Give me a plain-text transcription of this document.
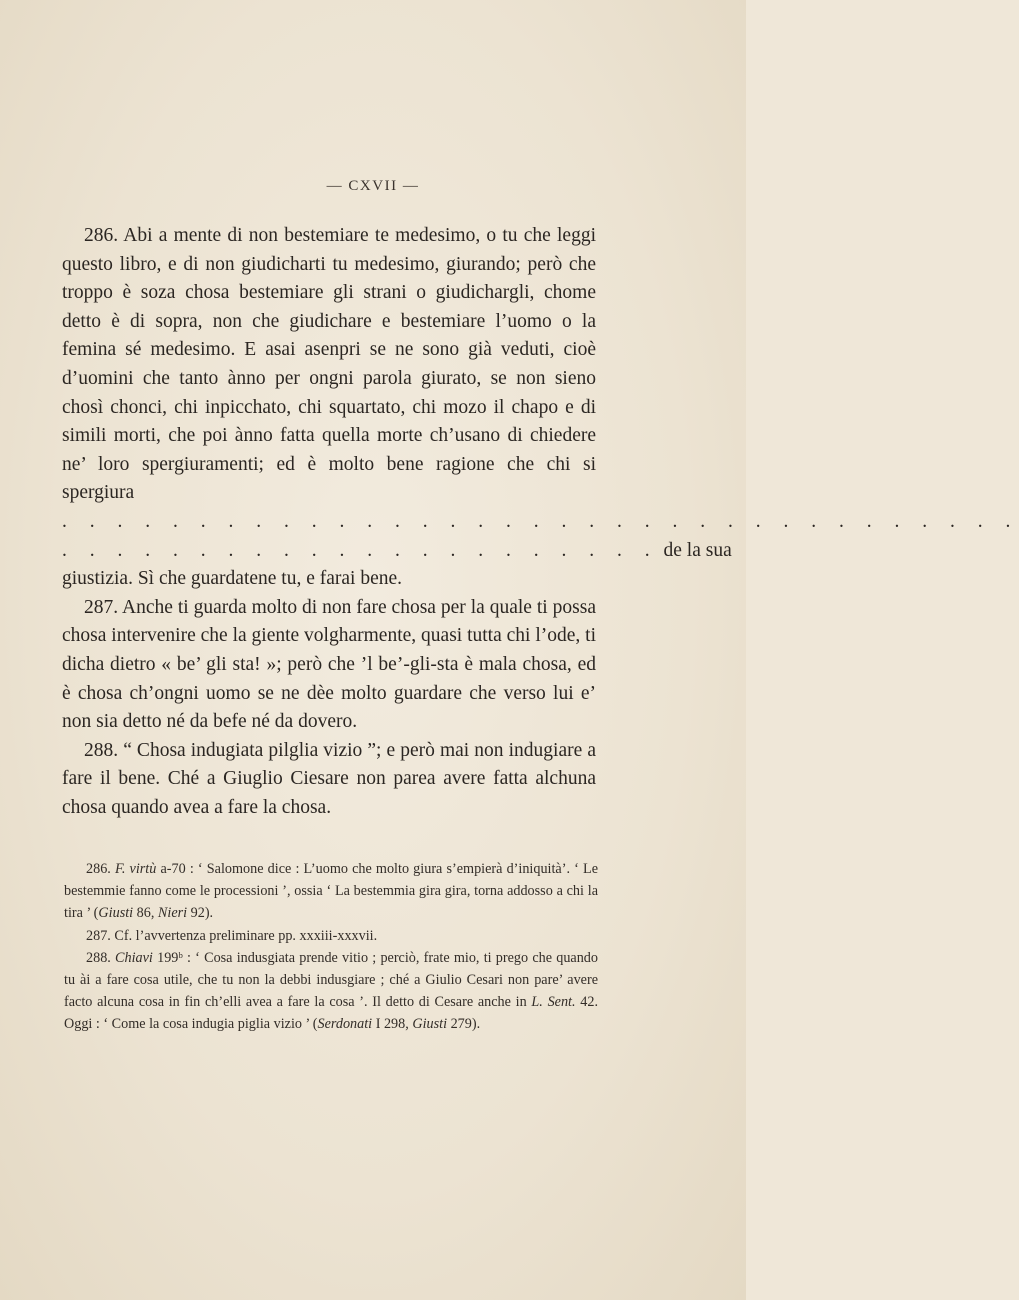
— CXVII —

286. Abi a mente di non bestemiare te medesimo, o tu che leggi questo libro, e di non giudicharti tu medesimo, giurando; però che troppo è soza chosa bestemiare gli strani o giudichargli, chome detto è di sopra, non che giudichare e bestemiare l’uomo o la femina sé medesimo. E asai asenpri se ne sono già veduti, cioè d’uomini che tanto ànno per ongni parola giurato, se non sieno chosì chonci, chi inpicchato, chi squartato, chi mozo il chapo e di simili morti, che poi ànno fatta quella morte ch’usano di chiedere ne’ loro spergiuramenti; ed è molto bene ragione che chi si spergiura

. . . . . . . . . . . . . . . . . . . . . . . . . . . . . . . . . . .
. . . . . . . . . . . . . . . . . . . . . . de la sua

giustizia. Sì che guardatene tu, e farai bene.

287. Anche ti guarda molto di non fare chosa per la quale ti possa chosa intervenire che la giente volgharmente, quasi tutta chi l’ode, ti dicha dietro « be’ gli sta! »; però che ’l be’-gli-sta è mala chosa, ed è chosa ch’ongni uomo se ne dèe molto guardare che verso lui e’ non sia detto né da befe né da dovero.

288. “ Chosa indugiata pilglia vizio ”; e però mai non indugiare a fare il bene. Ché a Giuglio Ciesare non parea avere fatta alchuna chosa quando avea a fare la chosa.

286. F. virtù a-70 : ‘ Salomone dice : L’uomo che molto giura s’empierà d’iniquità’. ‘ Le bestemmie fanno come le processioni ’, ossia ‘ La bestemmia gira gira, torna addosso a chi la tira ’ (Giusti 86, Nieri 92).

287. Cf. l’avvertenza preliminare pp. xxxiii-xxxvii.

288. Chiavi 199ᵇ : ‘ Cosa indusgiata prende vitio ; perciò, frate mio, ti prego che quando tu ài a fare cosa utile, che tu non la debbi indusgiare ; ché a Giulio Cesari non pare’ avere facto alcuna cosa in fin ch’elli avea a fare la cosa ’. Il detto di Cesare anche in L. Sent. 42. Oggi : ‘ Come la cosa indugia piglia vizio ’ (Serdonati I 298, Giusti 279).
